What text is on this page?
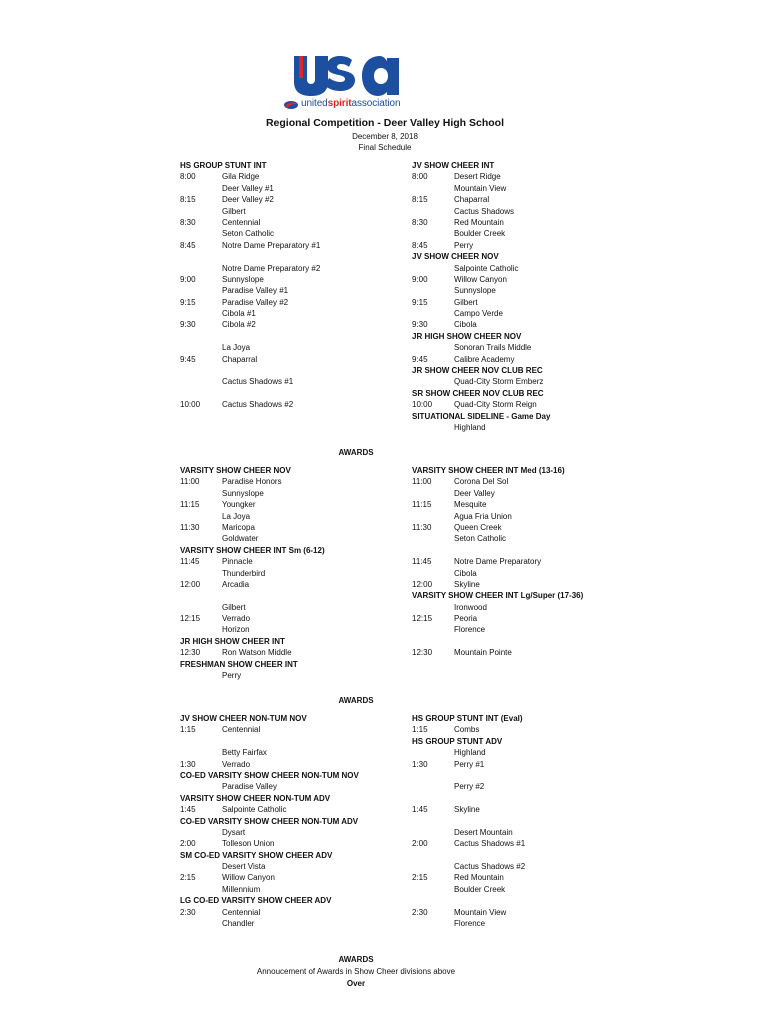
unitedspiritassociation
Regional Competition - Deer Valley High School
December 8, 2018
Final Schedule
HS GROUP STUNT INT
8:00	Gila Ridge
Deer Valley #1
8:15	Deer Valley #2
Gilbert
8:30	Centennial
Seton Catholic
8:45	Notre Dame Preparatory #1
Notre Dame Preparatory #2
9:00	Sunnyslope
Paradise Valley #1
9:15	Paradise Valley #2
Cibola #1
9:30	Cibola #2
La Joya
9:45	Chaparral
Cactus Shadows #1
10:00	Cactus Shadows #2
JV SHOW CHEER INT
8:00	Desert Ridge
Mountain View
8:15	Chaparral
Cactus Shadows
8:30	Red Mountain
Boulder Creek
8:45	Perry
JV SHOW CHEER NOV
Salpointe Catholic
9:00	Willow Canyon
Sunnyslope
9:15	Gilbert
Campo Verde
9:30	Cibola
JR HIGH SHOW CHEER NOV
Sonoran Trails Middle
9:45	Calibre Academy
JR SHOW CHEER NOV CLUB REC
Quad-City Storm Emberz
SR SHOW CHEER NOV CLUB REC
10:00	Quad-City Storm Reign
SITUATIONAL SIDELINE - Game Day
Highland
AWARDS
VARSITY SHOW CHEER NOV
11:00	Paradise Honors
Sunnyslope
11:15	Youngker
La Joya
11:30	Maricopa
Goldwater
VARSITY SHOW CHEER INT Sm (6-12)
11:45	Pinnacle
Thunderbird
12:00	Arcadia
Gilbert
12:15	Verrado
Horizon
JR HIGH SHOW CHEER INT
12:30	Ron Watson Middle
FRESHMAN SHOW CHEER INT
Perry
VARSITY SHOW CHEER INT Med (13-16)
11:00	Corona Del Sol
Deer Valley
11:15	Mesquite
Agua Fria Union
11:30	Queen Creek
Seton Catholic
11:45	Notre Dame Preparatory
Cibola
12:00	Skyline
VARSITY SHOW CHEER INT Lg/Super (17-36)
Ironwood
12:15	Peoria
Florence
12:30	Mountain Pointe
AWARDS
JV SHOW CHEER NON-TUM NOV
1:15	Centennial
Betty Fairfax
1:30	Verrado
CO-ED VARSITY SHOW CHEER NON-TUM NOV
Paradise Valley
VARSITY SHOW CHEER NON-TUM ADV
1:45	Salpointe Catholic
CO-ED VARSITY SHOW CHEER NON-TUM ADV
Dysart
2:00	Tolleson Union
SM CO-ED VARSITY SHOW CHEER ADV
Desert Vista
2:15	Willow Canyon
Millennium
LG CO-ED VARSITY SHOW CHEER ADV
2:30	Centennial
Chandler
HS GROUP STUNT INT (Eval)
1:15	Combs
HS GROUP STUNT ADV
Highland
1:30	Perry #1
Perry #2
1:45	Skyline
Desert Mountain
2:00	Cactus Shadows #1
Cactus Shadows #2
2:15	Red Mountain
Boulder Creek
2:30	Mountain View
Florence
AWARDS
Annoucement of Awards in Show Cheer divisions above
Over
